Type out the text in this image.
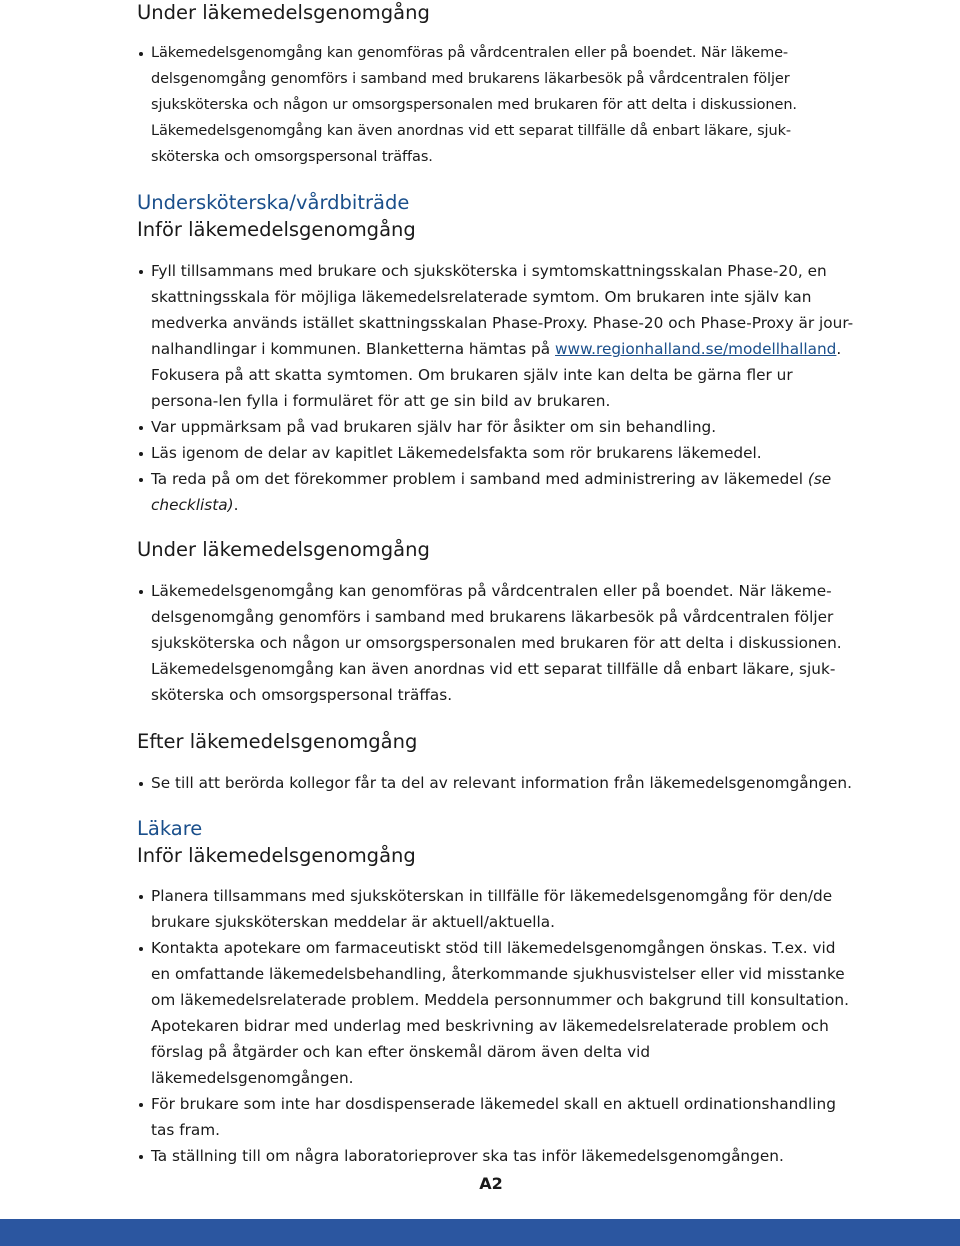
Under läkemedelsgenomgång
Läkemedelsgenomgång kan genomföras på vårdcentralen eller på boendet. När läkeme-delsgenomgång genomförs i samband med brukarens läkarbesök på vårdcentralen följer sjuksköterska och någon ur omsorgspersonalen med brukaren för att delta i diskussionen. Läkemedelsgenomgång kan även anordnas vid ett separat tillfälle då enbart läkare, sjuk-sköterska och omsorgspersonal träffas.
Undersköterska/vårdbiträde
Inför läkemedelsgenomgång
Fyll tillsammans med brukare och sjuksköterska i symtomskattningsskalan Phase-20, en skattningsskala för möjliga läkemedelsrelaterade symtom. Om brukaren inte själv kan medverka används istället skattningsskalan Phase-Proxy. Phase-20 och Phase-Proxy är jour-nalhandlingar i kommunen. Blanketterna hämtas på www.regionhalland.se/modellhalland. Fokusera på att skatta symtomen. Om brukaren själv inte kan delta be gärna fler ur persona-len fylla i formuläret för att ge sin bild av brukaren.
Var uppmärksam på vad brukaren själv har för åsikter om sin behandling.
Läs igenom de delar av kapitlet Läkemedelsfakta som rör brukarens läkemedel.
Ta reda på om det förekommer problem i samband med administrering av läkemedel (se checklista).
Under läkemedelsgenomgång
Läkemedelsgenomgång kan genomföras på vårdcentralen eller på boendet. När läkeme-delsgenomgång genomförs i samband med brukarens läkarbesök på vårdcentralen följer sjuksköterska och någon ur omsorgspersonalen med brukaren för att delta i diskussionen. Läkemedelsgenomgång kan även anordnas vid ett separat tillfälle då enbart läkare, sjuk-sköterska och omsorgspersonal träffas.
Efter läkemedelsgenomgång
Se till att berörda kollegor får ta del av relevant information från läkemedelsgenomgången.
Läkare
Inför läkemedelsgenomgång
Planera tillsammans med sjuksköterskan in tillfälle för läkemedelsgenomgång för den/de brukare sjuksköterskan meddelar är aktuell/aktuella.
Kontakta apotekare om farmaceutiskt stöd till läkemedelsgenomgången önskas. T.ex. vid en omfattande läkemedelsbehandling, återkommande sjukhusvistelser eller vid misstanke om läkemedelsrelaterade problem. Meddela personnummer och bakgrund till konsultation. Apotekaren bidrar med underlag med beskrivning av läkemedelsrelaterade problem och förslag på åtgärder och kan efter önskemål därom även delta vid läkemedelsgenomgången.
För brukare som inte har dosdispenserade läkemedel skall en aktuell ordinationshandling tas fram.
Ta ställning till om några laboratorieprover ska tas inför läkemedelsgenomgången.
A2
